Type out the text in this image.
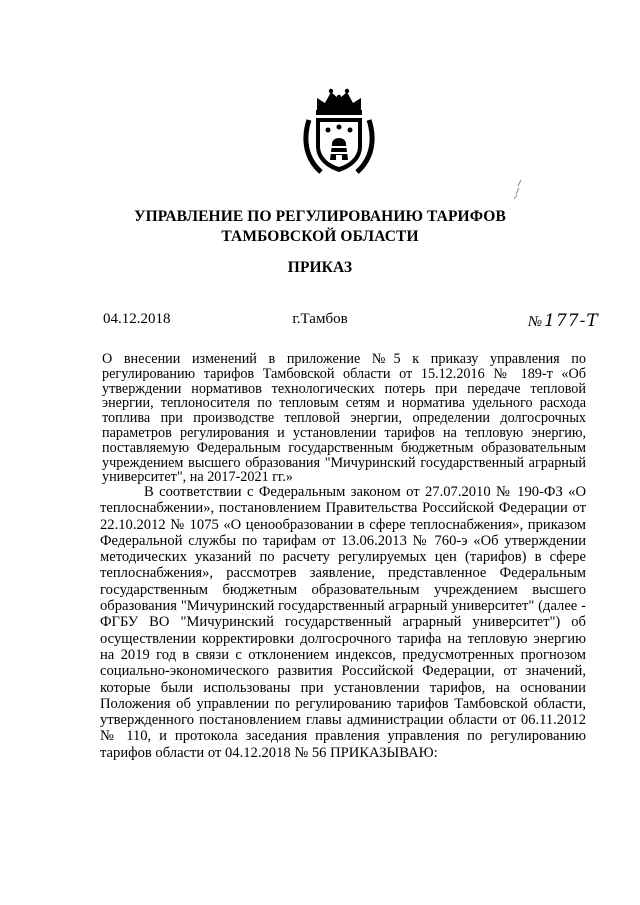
УПРАВЛЕНИЕ ПО РЕГУЛИРОВАНИЮ ТАРИФОВ
ТАМБОВСКОЙ ОБЛАСТИ
ПРИКАЗ
04.12.2018	г.Тамбов	№ 177-Т
О внесении изменений в приложение №5 к приказу управления по регулированию тарифов Тамбовской области от 15.12.2016 № 189-т «Об утверждении нормативов технологических потерь при передаче тепловой энергии, теплоносителя по тепловым сетям и норматива удельного расхода топлива при производстве тепловой энергии, определении долгосрочных параметров регулирования и установлении тарифов на тепловую энергию, поставляемую Федеральным государственным бюджетным образовательным учреждением высшего образования "Мичуринский государственный аграрный университет", на 2017-2021 гг.»
В соответствии с Федеральным законом от 27.07.2010 № 190-ФЗ «О теплоснабжении», постановлением Правительства Российской Федерации от 22.10.2012 № 1075 «О ценообразовании в сфере теплоснабжения», приказом Федеральной службы по тарифам от 13.06.2013 № 760-э «Об утверждении методических указаний по расчету регулируемых цен (тарифов) в сфере теплоснабжения», рассмотрев заявление, представленное Федеральным государственным бюджетным образовательным учреждением высшего образования "Мичуринский государственный аграрный университет" (далее - ФГБУ ВО "Мичуринский государственный аграрный университет") об осуществлении корректировки долгосрочного тарифа на тепловую энергию на 2019 год в связи с отклонением индексов, предусмотренных прогнозом социально-экономического развития Российской Федерации, от значений, которые были использованы при установлении тарифов, на основании Положения об управлении по регулированию тарифов Тамбовской области, утвержденного постановлением главы администрации области от 06.11.2012 № 110, и протокола заседания правления управления по регулированию тарифов области от 04.12.2018 № 56 ПРИКАЗЫВАЮ:
